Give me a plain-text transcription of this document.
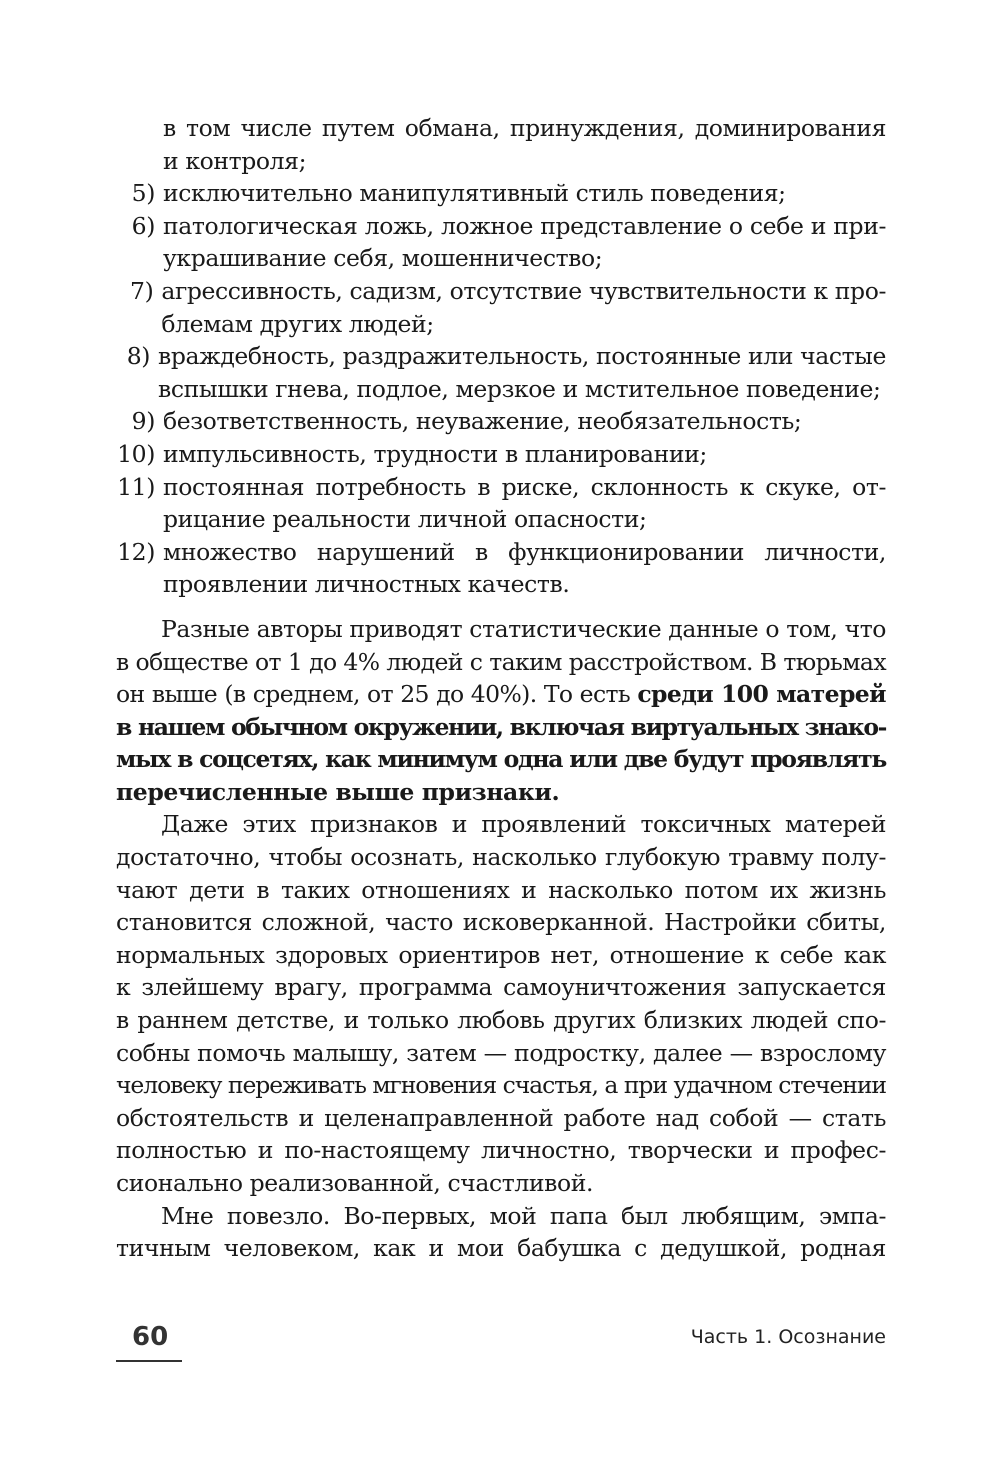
в том числе путем обмана, принуждения, доминирования
и контроля;
5) исключительно манипулятивный стиль поведения;
6) патологическая ложь, ложное представление о себе и при-
украшивание себя, мошенничество;
7) агрессивность, садизм, отсутствие чувствительности к про-
блемам других людей;
8) враждебность, раздражительность, постоянные или частые
вспышки гнева, подлое, мерзкое и мстительное поведение;
9) безответственность, неуважение, необязательность;
10) импульсивность, трудности в планировании;
11) постоянная потребность в риске, склонность к скуке, от-
рицание реальности личной опасности;
12) множество нарушений в функционировании личности,
проявлении личностных качеств.
Разные авторы приводят статистические данные о том, что
в обществе от 1 до 4% людей с таким расстройством. В тюрьмах
он выше (в среднем, от 25 до 40%). То есть среди 100 матерей
в нашем обычном окружении, включая виртуальных знако-
мых в соцсетях, как минимум одна или две будут проявлять
перечисленные выше признаки.
Даже этих признаков и проявлений токсичных матерей
достаточно, чтобы осознать, насколько глубокую травму полу-
чают дети в таких отношениях и насколько потом их жизнь
становится сложной, часто исковерканной. Настройки сбиты,
нормальных здоровых ориентиров нет, отношение к себе как
к злейшему врагу, программа самоуничтожения запускается
в раннем детстве, и только любовь других близких людей спо-
собны помочь малышу, затем — подростку, далее — взрослому
человеку переживать мгновения счастья, а при удачном стечении
обстоятельств и целенаправленной работе над собой — стать
полностью и по-настоящему личностно, творчески и профес-
сионально реализованной, счастливой.
Мне повезло. Во-первых, мой папа был любящим, эмпа-
тичным человеком, как и мои бабушка с дедушкой, родная
60	Часть 1. Осознание
